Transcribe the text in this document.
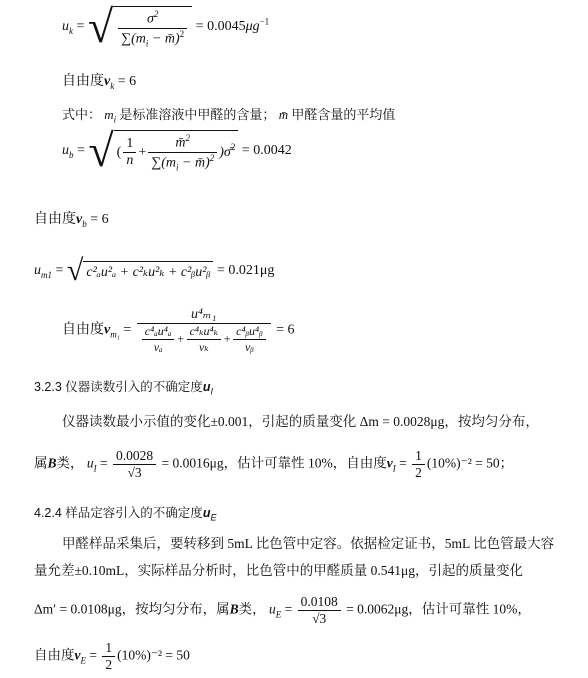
$u_k$ = √ $\frac{\sigma^2}{\sum(m_i - m̄)^2} = 0.0045\mu g^{-1}$
自由度$\nu_k = 6$
式中： $m_i$ 是标准溶液中甲醛的含量； m̄ 甲醛含量的平均值
$u_b$ = √ ( $\frac{1}{n} + \frac{m̄^2}{\sum(m_i - m̄)^2}$ )σ̄$^2$ = 0.0042
自由度$\nu_b = 6$
$u_{m1}$ = √ c²ₐu²ₐ + c²ₖu²ₖ + c²ᵦu²ᵦ = 0.021μg
自由度$\nu_{m_1} = \frac{\text{u⁴ₘ₁}}{\frac{\text{c⁴ₐu⁴ₐ}}{\text{νₐ}} + \frac{\text{c⁴ₖu⁴ₖ}}{\text{νₖ}} + \frac{\text{c⁴ᵦu⁴ᵦ}}{\text{νᵦ}}} = 6$
3.2.3 仪器读数引入的不确定度$u_I$
仪器读数最小示值的变化±0.001，引起的质量变化 Δm = 0.0028μg，按均匀分布，
属B类， $u_I = \frac{0.0028}{√3} = 0.0016\mu g$，估计可靠性 10%，自由度$\nu_I = \frac{1}{2} (10\%)^{-2} = 50$；
4.2.4 样品定容引入的不确定度$u_E$
甲醛样品采集后，要转移到 5mL 比色管中定容。依据检定证书，5mL 比色管最大容
量允差±0.10mL，实际样品分析时，比色管中的甲醛质量 0.541μg，引起的质量变化
Δm′ = 0.0108μg，按均匀分布，属B类， $u_E = \frac{0.0108}{√3} = 0.0062\mu g$，估计可靠性 10%，
自由度$\nu_E = \frac{1}{2} (10\%)^{-2} = 50$
